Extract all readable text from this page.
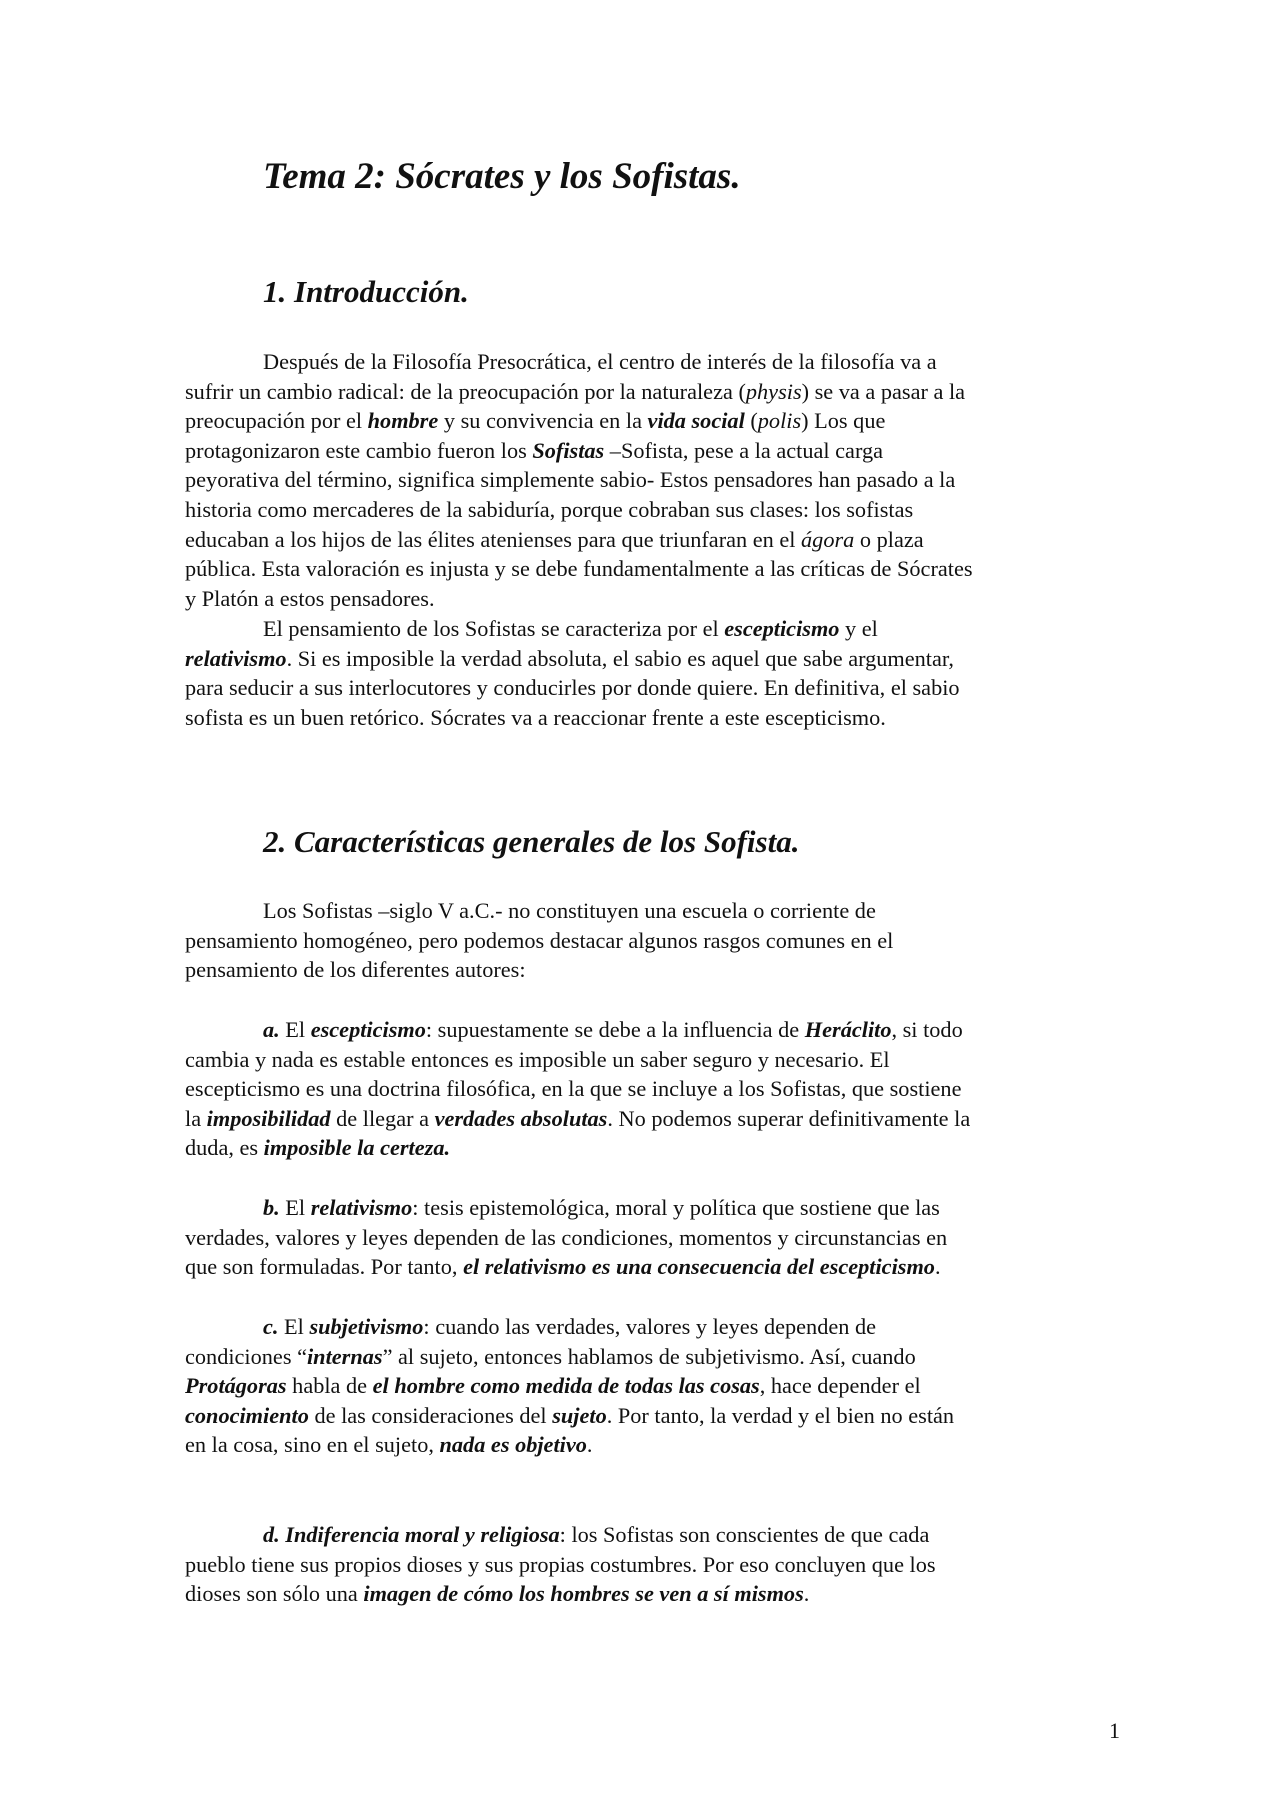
Tema 2: Sócrates y los Sofistas.
1. Introducción.

Después de la Filosofía Presocrática, el centro de interés de la filosofía va a
sufrir un cambio radical: de la preocupación por la naturaleza (physis) se va a pasar a la
preocupación por el hombre y su convivencia en la vida social (polis) Los que
protagonizaron este cambio fueron los Sofistas –Sofista, pese a la actual carga
peyorativa del término, significa simplemente sabio- Estos pensadores han pasado a la
historia como mercaderes de la sabiduría, porque cobraban sus clases: los sofistas
educaban a los hijos de las élites atenienses para que triunfaran en el ágora o plaza
pública. Esta valoración es injusta y se debe fundamentalmente a las críticas de Sócrates
y Platón a estos pensadores.

El pensamiento de los Sofistas se caracteriza por el escepticismo y el
relativismo. Si es imposible la verdad absoluta, el sabio es aquel que sabe argumentar,
para seducir a sus interlocutores y conducirles por donde quiere. En definitiva, el sabio
sofista es un buen retórico. Sócrates va a reaccionar frente a este escepticismo.

2. Características generales de los Sofista.

Los Sofistas –siglo V a.C.- no constituyen una escuela o corriente de
pensamiento homogéneo, pero podemos destacar algunos rasgos comunes en el
pensamiento de los diferentes autores:

a. El escepticismo: supuestamente se debe a la influencia de Heráclito, si todo
cambia y nada es estable entonces es imposible un saber seguro y necesario. El
escepticismo es una doctrina filosófica, en la que se incluye a los Sofistas, que sostiene
la imposibilidad de llegar a verdades absolutas. No podemos superar definitivamente la
duda, es imposible la certeza.

b. El relativismo: tesis epistemológica, moral y política que sostiene que las
verdades, valores y leyes dependen de las condiciones, momentos y circunstancias en
que son formuladas. Por tanto, el relativismo es una consecuencia del escepticismo.

c. El subjetivismo: cuando las verdades, valores y leyes dependen de
condiciones “internas” al sujeto, entonces hablamos de subjetivismo. Así, cuando
Protágoras habla de el hombre como medida de todas las cosas, hace depender el
conocimiento de las consideraciones del sujeto. Por tanto, la verdad y el bien no están
en la cosa, sino en el sujeto, nada es objetivo.

d. Indiferencia moral y religiosa: los Sofistas son conscientes de que cada
pueblo tiene sus propios dioses y sus propias costumbres. Por eso concluyen que los
dioses son sólo una imagen de cómo los hombres se ven a sí mismos.

1
